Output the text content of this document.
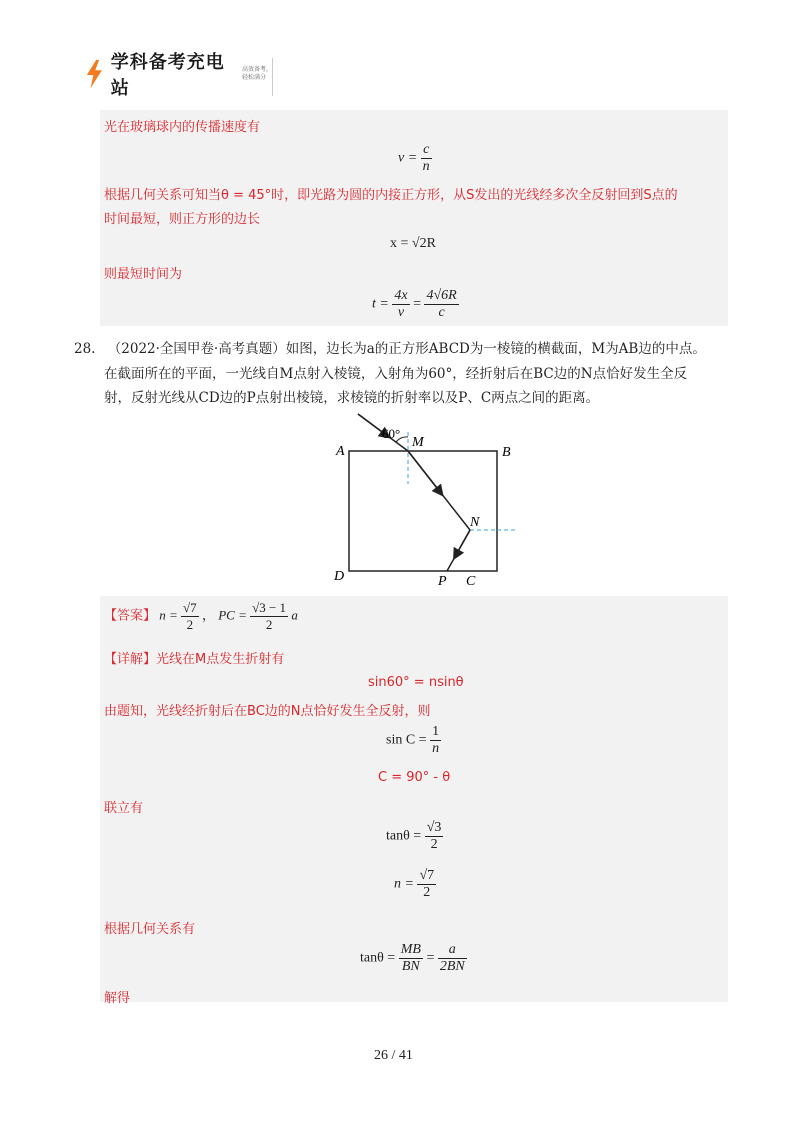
学科备考充电站
高效备考，
轻松满分
光在玻璃球内的传播速度有
$v = \frac{c}{n}$
根据几何关系可知当θ = 45°时，即光路为圆的内接正方形，从S发出的光线经多次全反射回到S点的
时间最短，则正方形的边长
x = √2R
则最短时间为
$t = \frac{4x}{v} = \frac{4√6R}{c}$
28. （2022·全国甲卷·高考真题）如图，边长为a的正方形ABCD为一棱镜的横截面，M为AB边的中点。
在截面所在的平面，一光线自M点射入棱镜，入射角为60°，经折射后在BC边的N点恰好发生全反
射，反射光线从CD边的P点射出棱镜，求棱镜的折射率以及P、C两点之间的距离。
60°
M
A	B
N
D	P C
【答案】 $n = \frac{√7}{2}$ ， PC = $\frac{√3 - 1}{2}$ a
【详解】光线在M点发生折射有
sin60° = nsinθ
由题知，光线经折射后在BC边的N点恰好发生全反射，则
$\sin C = \frac{1}{n}$
C = 90° - θ
联立有
$\tan\theta = \frac{√3}{2}$
$n = \frac{√7}{2}$
根据几何关系有
$\tan\theta = \frac{MB}{BN} = \frac{a}{2BN}$
解得
26 / 41
